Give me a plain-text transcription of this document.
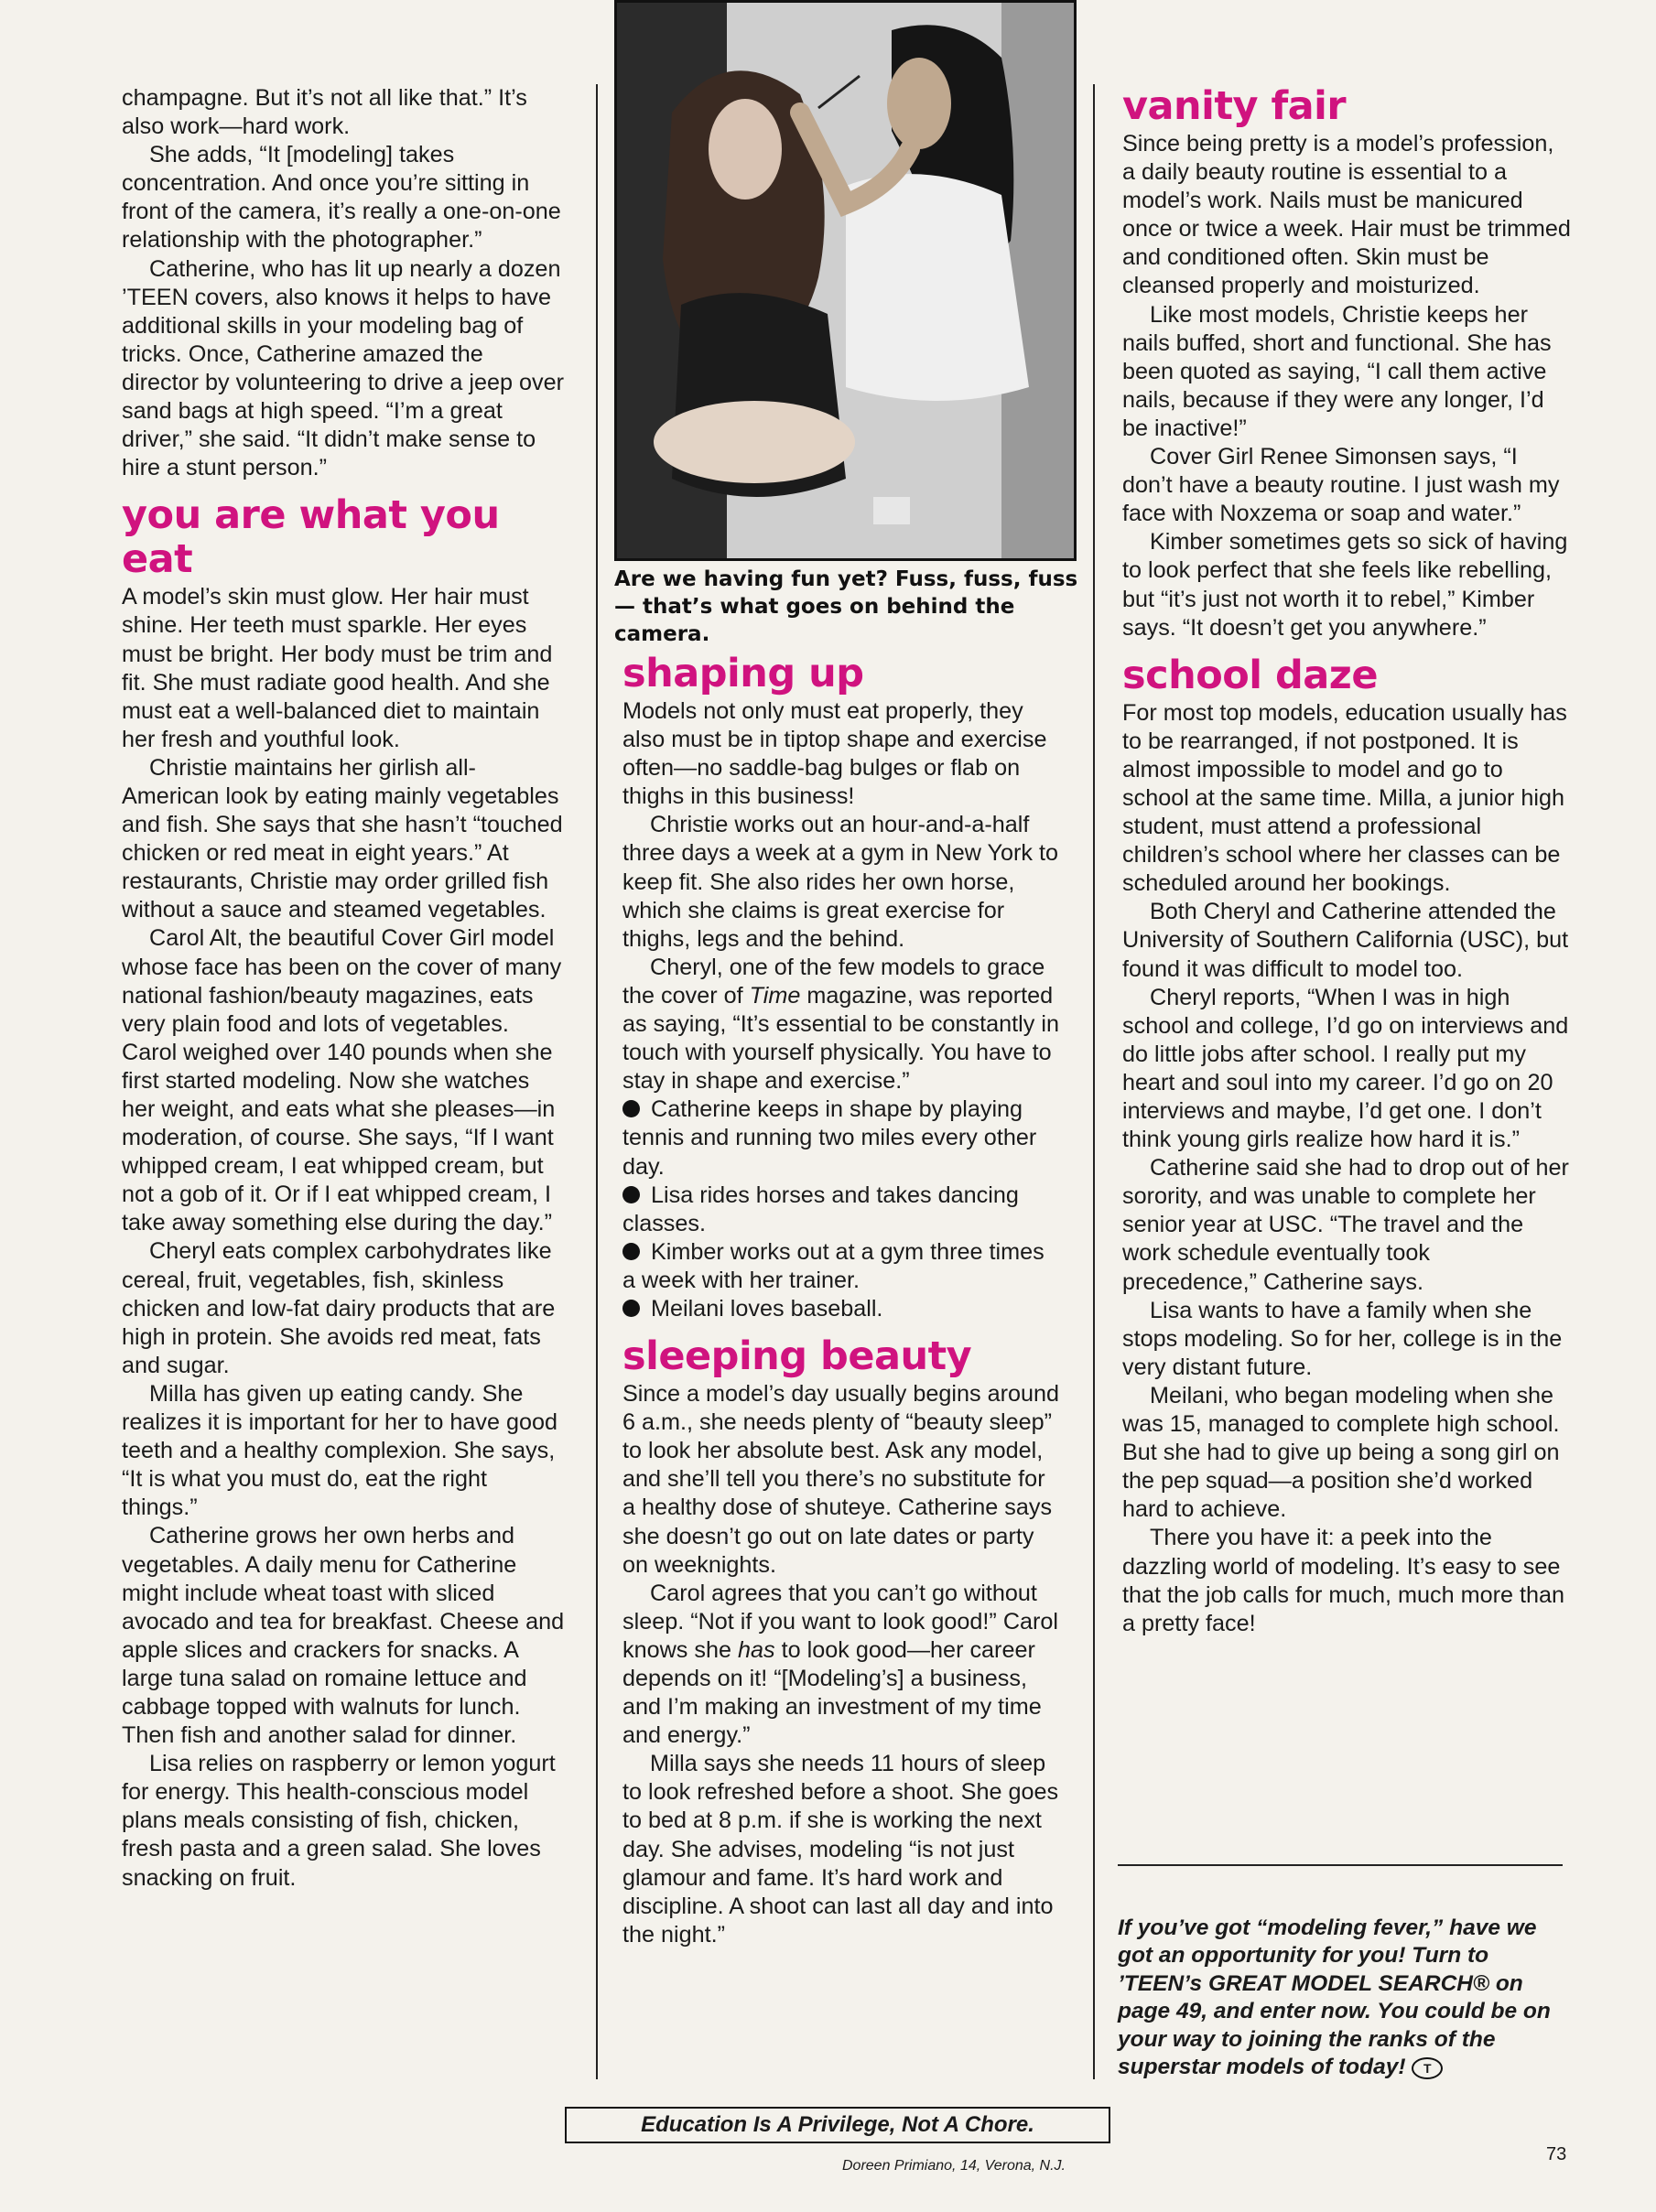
champagne. But it’s not all like that.” It’s also work—hard work.

She adds, “It [modeling] takes concentration. And once you’re sitting in front of the camera, it’s really a one-on-one relationship with the photographer.”

Catherine, who has lit up nearly a dozen ’TEEN covers, also knows it helps to have additional skills in your modeling bag of tricks. Once, Catherine amazed the director by volunteering to drive a jeep over sand bags at high speed. “I’m a great driver,” she said. “It didn’t make sense to hire a stunt person.”

you are what you eat

A model’s skin must glow. Her hair must shine. Her teeth must sparkle. Her eyes must be bright. Her body must be trim and fit. She must radiate good health. And she must eat a well-balanced diet to maintain her fresh and youthful look.

Christie maintains her girlish all-American look by eating mainly vegetables and fish. She says that she hasn’t “touched chicken or red meat in eight years.” At restaurants, Christie may order grilled fish without a sauce and steamed vegetables.

Carol Alt, the beautiful Cover Girl model whose face has been on the cover of many national fashion/beauty magazines, eats very plain food and lots of vegetables. Carol weighed over 140 pounds when she first started modeling. Now she watches her weight, and eats what she pleases—in moderation, of course. She says, “If I want whipped cream, I eat whipped cream, but not a gob of it. Or if I eat whipped cream, I take away something else during the day.”

Cheryl eats complex carbohydrates like cereal, fruit, vegetables, fish, skinless chicken and low-fat dairy products that are high in protein. She avoids red meat, fats and sugar.

Milla has given up eating candy. She realizes it is important for her to have good teeth and a healthy complexion. She says, “It is what you must do, eat the right things.”

Catherine grows her own herbs and vegetables. A daily menu for Catherine might include wheat toast with sliced avocado and tea for breakfast. Cheese and apple slices and crackers for snacks. A large tuna salad on romaine lettuce and cabbage topped with walnuts for lunch. Then fish and another salad for dinner.

Lisa relies on raspberry or lemon yogurt for energy. This health-conscious model plans meals consisting of fish, chicken, fresh pasta and a green salad. She loves snacking on fruit.

Are we having fun yet? Fuss, fuss, fuss— that’s what goes on behind the camera.
shaping up

Models not only must eat properly, they also must be in tiptop shape and exercise often—no saddle-bag bulges or flab on thighs in this business!

Christie works out an hour-and-a-half three days a week at a gym in New York to keep fit. She also rides her own horse, which she claims is great exercise for thighs, legs and the behind.

Cheryl, one of the few models to grace the cover of Time magazine, was reported as saying, “It’s essential to be constantly in touch with yourself physically. You have to stay in shape and exercise.”

Catherine keeps in shape by playing tennis and running two miles every other day.

Lisa rides horses and takes dancing classes.

Kimber works out at a gym three times a week with her trainer.

Meilani loves baseball.

sleeping beauty

Since a model’s day usually begins around 6 a.m., she needs plenty of “beauty sleep” to look her absolute best. Ask any model, and she’ll tell you there’s no substitute for a healthy dose of shuteye. Catherine says she doesn’t go out on late dates or party on weeknights.

Carol agrees that you can’t go without sleep. “Not if you want to look good!” Carol knows she has to look good—her career depends on it! “[Modeling’s] a business, and I’m making an investment of my time and energy.”

Milla says she needs 11 hours of sleep to look refreshed before a shoot. She goes to bed at 8 p.m. if she is working the next day. She advises, modeling “is not just glamour and fame. It’s hard work and discipline. A shoot can last all day and into the night.”

vanity fair

Since being pretty is a model’s profession, a daily beauty routine is essential to a model’s work. Nails must be manicured once or twice a week. Hair must be trimmed and conditioned often. Skin must be cleansed properly and moisturized.

Like most models, Christie keeps her nails buffed, short and functional. She has been quoted as saying, “I call them active nails, because if they were any longer, I’d be inactive!”

Cover Girl Renee Simonsen says, “I don’t have a beauty routine. I just wash my face with Noxzema or soap and water.”

Kimber sometimes gets so sick of having to look perfect that she feels like rebelling, but “it’s just not worth it to rebel,” Kimber says. “It doesn’t get you anywhere.”

school daze

For most top models, education usually has to be rearranged, if not postponed. It is almost impossible to model and go to school at the same time. Milla, a junior high student, must attend a professional children’s school where her classes can be scheduled around her bookings.

Both Cheryl and Catherine attended the University of Southern California (USC), but found it was difficult to model too.

Cheryl reports, “When I was in high school and college, I’d go on interviews and do little jobs after school. I really put my heart and soul into my career. I’d go on 20 interviews and maybe, I’d get one. I don’t think young girls realize how hard it is.”

Catherine said she had to drop out of her sorority, and was unable to complete her senior year at USC. “The travel and the work schedule eventually took precedence,” Catherine says.

Lisa wants to have a family when she stops modeling. So for her, college is in the very distant future.

Meilani, who began modeling when she was 15, managed to complete high school. But she had to give up being a song girl on the pep squad—a position she’d worked hard to achieve.

There you have it: a peek into the dazzling world of modeling. It’s easy to see that the job calls for much, much more than a pretty face!

If you’ve got “modeling fever,” have we got an opportunity for you! Turn to ’TEEN’s GREAT MODEL SEARCH® on page 49, and enter now. You could be on your way to joining the ranks of the superstar models of today! T
Education Is A Privilege, Not A Chore.
Doreen Primiano, 14, Verona, N.J.
73
